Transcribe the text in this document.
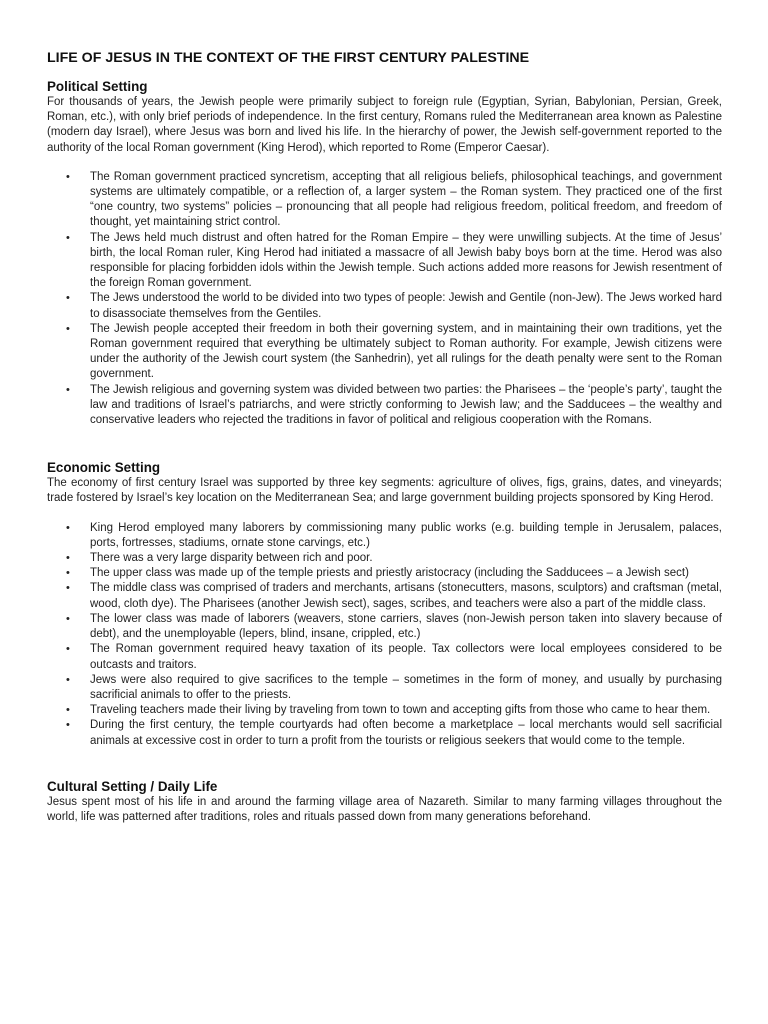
LIFE OF JESUS IN THE CONTEXT OF THE FIRST CENTURY PALESTINE
Political Setting

For thousands of years, the Jewish people were primarily subject to foreign rule (Egyptian, Syrian, Babylonian, Persian, Greek, Roman, etc.), with only brief periods of independence. In the first century, Romans ruled the Mediterranean area known as Palestine (modern day Israel), where Jesus was born and lived his life. In the hierarchy of power, the Jewish self-government reported to the authority of the local Roman government (King Herod), which reported to Rome (Emperor Caesar).

• The Roman government practiced syncretism, accepting that all religious beliefs, philosophical teachings, and government systems are ultimately compatible, or a reflection of, a larger system – the Roman system. They practiced one of the first “one country, two systems” policies – pronouncing that all people had religious freedom, political freedom, and freedom of thought, yet maintaining strict control.
• The Jews held much distrust and often hatred for the Roman Empire – they were unwilling subjects. At the time of Jesus’ birth, the local Roman ruler, King Herod had initiated a massacre of all Jewish baby boys born at the time. Herod was also responsible for placing forbidden idols within the Jewish temple. Such actions added more reasons for Jewish resentment of the foreign Roman government.
• The Jews understood the world to be divided into two types of people: Jewish and Gentile (non-Jew). The Jews worked hard to disassociate themselves from the Gentiles.
• The Jewish people accepted their freedom in both their governing system, and in maintaining their own traditions, yet the Roman government required that everything be ultimately subject to Roman authority. For example, Jewish citizens were under the authority of the Jewish court system (the Sanhedrin), yet all rulings for the death penalty were sent to the Roman government.
• The Jewish religious and governing system was divided between two parties: the Pharisees – the ‘people’s party’, taught the law and traditions of Israel’s patriarchs, and were strictly conforming to Jewish law; and the Sadducees – the wealthy and conservative leaders who rejected the traditions in favor of political and religious cooperation with the Romans.
Economic Setting

The economy of first century Israel was supported by three key segments: agriculture of olives, figs, grains, dates, and vineyards; trade fostered by Israel’s key location on the Mediterranean Sea; and large government building projects sponsored by King Herod.

• King Herod employed many laborers by commissioning many public works (e.g. building temple in Jerusalem, palaces, ports, fortresses, stadiums, ornate stone carvings, etc.)
• There was a very large disparity between rich and poor.
• The upper class was made up of the temple priests and priestly aristocracy (including the Sadducees – a Jewish sect)
• The middle class was comprised of traders and merchants, artisans (stonecutters, masons, sculptors) and craftsman (metal, wood, cloth dye). The Pharisees (another Jewish sect), sages, scribes, and teachers were also a part of the middle class.
• The lower class was made of laborers (weavers, stone carriers, slaves (non-Jewish person taken into slavery because of debt), and the unemployable (lepers, blind, insane, crippled, etc.)
• The Roman government required heavy taxation of its people. Tax collectors were local employees considered to be outcasts and traitors.
• Jews were also required to give sacrifices to the temple – sometimes in the form of money, and usually by purchasing sacrificial animals to offer to the priests.
• Traveling teachers made their living by traveling from town to town and accepting gifts from those who came to hear them.
• During the first century, the temple courtyards had often become a marketplace – local merchants would sell sacrificial animals at excessive cost in order to turn a profit from the tourists or religious seekers that would come to the temple.
Cultural Setting / Daily Life

Jesus spent most of his life in and around the farming village area of Nazareth. Similar to many farming villages throughout the world, life was patterned after traditions, roles and rituals passed down from many generations beforehand.
